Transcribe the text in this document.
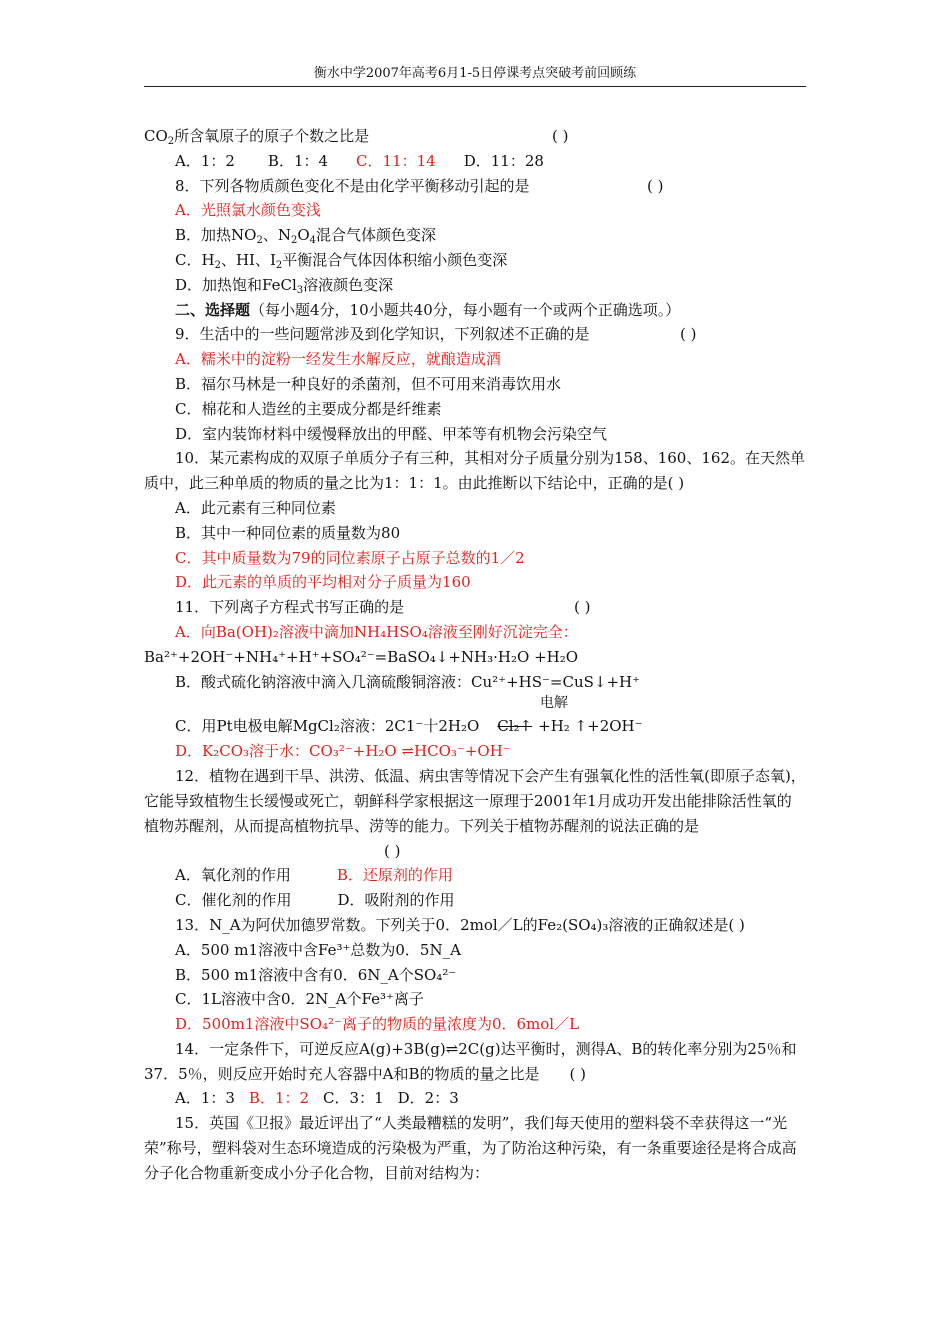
衡水中学2007年高考6月1-5日停课考点突破考前回顾练
$CO_2$所含氧原子的原子个数之比是	( )
A．1：2 B．1：4 C．11：14 D．11：28
8．下列各物质颜色变化不是由化学平衡移动引起的是	( )
A．光照氯水颜色变浅
B．加热$NO_2$、$N_2O_4$混合气体颜色变深
C．$H_2$、HI、$I_2$平衡混合气体因体积缩小颜色变深
D．加热饱和FeCl$_3$溶液颜色变深
二、选择题（每小题4分，10小题共40分，每小题有一个或两个正确选项。）
9．生活中的一些问题常涉及到化学知识，下列叙述不正确的是	( )
A．糯米中的淀粉一经发生水解反应，就酿造成酒
B．福尔马林是一种良好的杀菌剂，但不可用来消毒饮用水
C．棉花和人造丝的主要成分都是纤维素
D．室内装饰材料中缓慢释放出的甲醛、甲苯等有机物会污染空气
10．某元素构成的双原子单质分子有三种，其相对分子质量分别为158、160、162。在天然单质中，此三种单质的物质的量之比为1：1：1。由此推断以下结论中，正确的是( )
A．此元素有三种同位素
B．其中一种同位素的质量数为80
C．其中质量数为79的同位素原子占原子总数的1／2
D．此元素的单质的平均相对分子质量为160
11．下列离子方程式书写正确的是	( )
A．向Ba(OH)₂溶液中滴加NH₄HSO₄溶液至刚好沉淀完全：
Ba²⁺+2OH⁻+NH₄⁺+H⁺+SO₄²⁻=BaSO₄↓+NH₃·H₂O +H₂O
B．酸式硫化钠溶液中滴入几滴硫酸铜溶液：Cu²⁺+HS⁻=CuS↓+H⁺
电解
C．用Pt电极电解MgCl₂溶液：2C1⁻十2H₂O Cl₂↑ +H₂ ↑+2OH⁻
D．K₂CO₃溶于水：CO₃²⁻+H₂O ⇌HCO₃⁻+OH⁻
12．植物在遇到干旱、洪涝、低温、病虫害等情况下会产生有强氧化性的活性氧(即原子态氧)，它能导致植物生长缓慢或死亡，朝鲜科学家根据这一原理于2001年1月成功开发出能排除活性氧的植物苏醒剂，从而提高植物抗旱、涝等的能力。下列关于植物苏醒剂的说法正确的是( )
A．氧化剂的作用	B．还原剂的作用
C．催化剂的作用	D．吸附剂的作用
13．N_A为阿伏加德罗常数。下列关于0．2mol／L的Fe₂(SO₄)₃溶液的正确叙述是( )
A．500 m1溶液中含Fe³⁺总数为0．5N_A
B．500 m1溶液中含有0．6N_A个SO₄²⁻
C．1L溶液中含0．2N_A个Fe³⁺离子
D．500m1溶液中SO₄²⁻离子的物质的量浓度为0．6mol／L
14．一定条件下，可逆反应A(g)+3B(g)⇌2C(g)达平衡时，测得A、B的转化率分别为25％和37．5％，则反应开始时充人容器中A和B的物质的量之比是 ( )
A．1：3 B．1：2 C．3：1 D．2：3
15．英国《卫报》最近评出了“人类最糟糕的发明”，我们每天使用的塑料袋不幸获得这一“光荣”称号，塑料袋对生态环境造成的污染极为严重，为了防治这种污染，有一条重要途径是将合成高分子化合物重新变成小分子化合物，目前对结构为：
